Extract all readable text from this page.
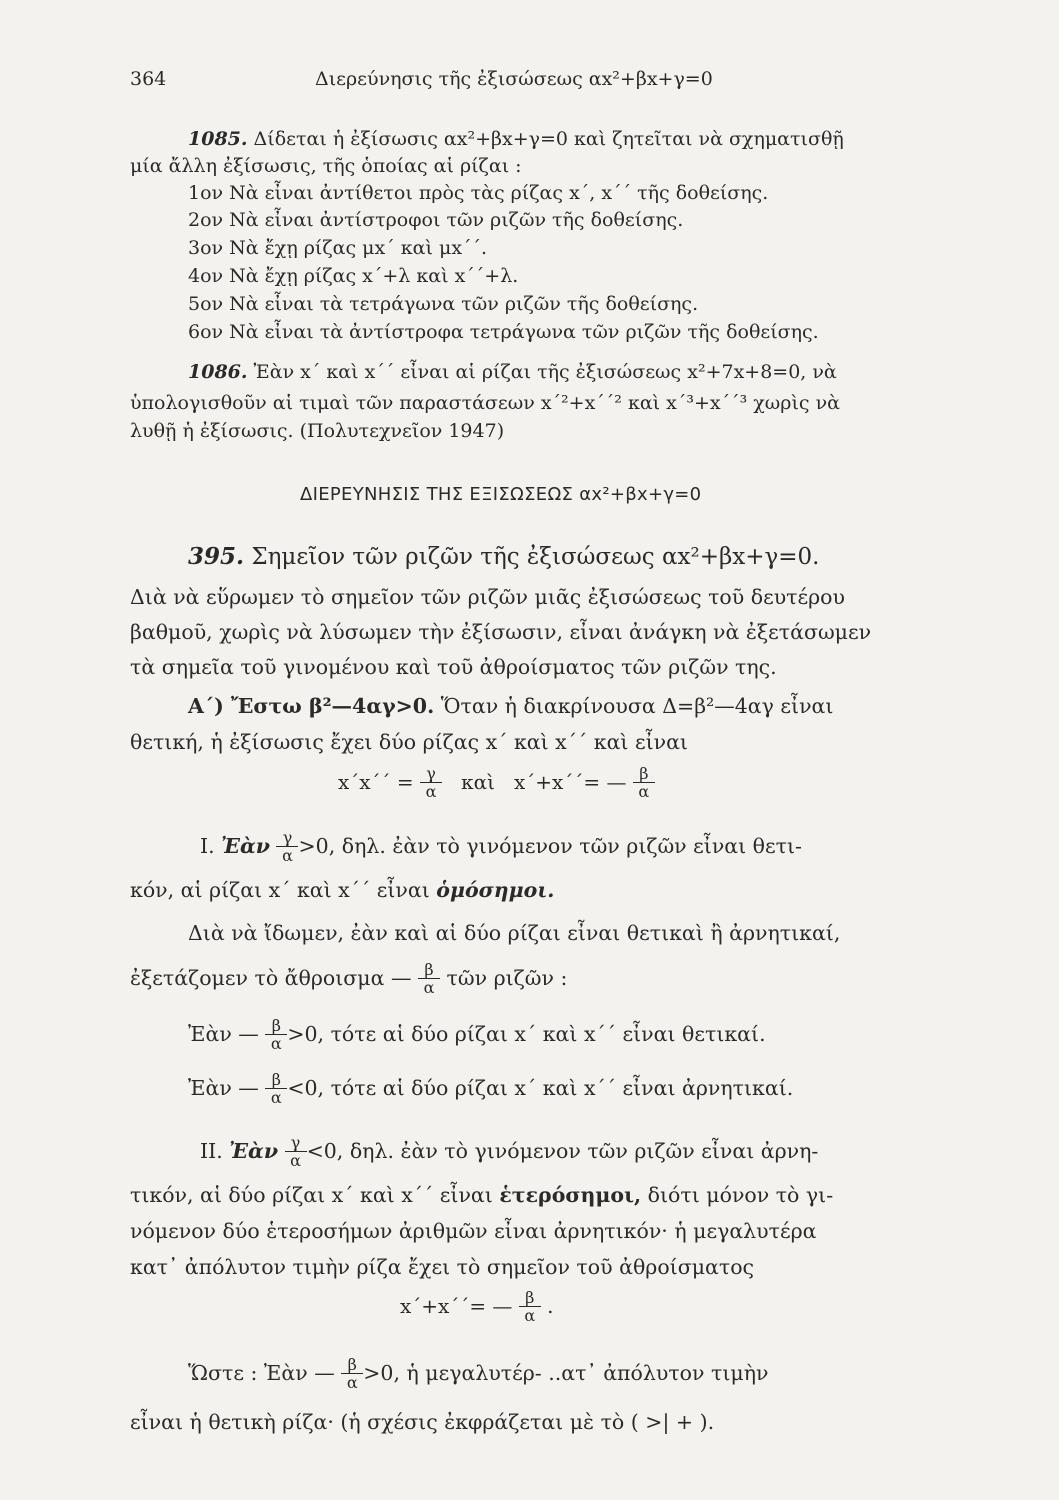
364	Διερεύνησις τῆς ἐξισώσεως αx²+βx+γ=0
1085. Δίδεται ἡ ἐξίσωσις αx²+βx+γ=0 καὶ ζητεῖται νὰ σχηματισθῇ
μία ἄλλη ἐξίσωσις, τῆς ὁποίας αἱ ρίζαι :
1ον Νὰ εἶναι ἀντίθετοι πρὸς τὰς ρίζας x΄, x΄΄ τῆς δοθείσης.
2ον Νὰ εἶναι ἀντίστροφοι τῶν ριζῶν τῆς δοθείσης.
3ον Νὰ ἔχῃ ρίζας μx΄ καὶ μx΄΄.
4ον Νὰ ἔχῃ ρίζας x΄+λ καὶ x΄΄+λ.
5ον Νὰ εἶναι τὰ τετράγωνα τῶν ριζῶν τῆς δοθείσης.
6ον Νὰ εἶναι τὰ ἀντίστροφα τετράγωνα τῶν ριζῶν τῆς δοθείσης.
1086. Ἐὰν x΄ καὶ x΄΄ εἶναι αἱ ρίζαι τῆς ἐξισώσεως x²+7x+8=0, νὰ
ὑπολογισθοῦν αἱ τιμαὶ τῶν παραστάσεων x΄²+x΄΄² καὶ x΄³+x΄΄³ χωρὶς νὰ
λυθῇ ἡ ἐξίσωσις. (Πολυτεχνεῖον 1947)
ΔΙΕΡΕΥΝΗΣΙΣ ΤΗΣ ΕΞΙΣΩΣΕΩΣ αx²+βx+γ=0
395. Σημεῖον τῶν ριζῶν τῆς ἐξισώσεως αx²+βx+γ=0.
Διὰ νὰ εὕρωμεν τὸ σημεῖον τῶν ριζῶν μιᾶς ἐξισώσεως τοῦ δευτέρου
βαθμοῦ, χωρὶς νὰ λύσωμεν τὴν ἐξίσωσιν, εἶναι ἀνάγκη νὰ ἐξετάσωμεν
τὰ σημεῖα τοῦ γινομένου καὶ τοῦ ἀθροίσματος τῶν ριζῶν της.
Α΄) Ἔστω β²—4αγ>0. Ὅταν ἡ διακρίνουσα Δ=β²—4αγ εἶναι
θετική, ἡ ἐξίσωσις ἔχει δύο ρίζας x΄ καὶ x΄΄ καὶ εἶναι
$x΄x΄΄ = \frac{\gamma}{\alpha}$ καὶ   x΄+x΄΄= — $\frac{\beta}{\alpha}$
Ι. Ἐὰν $\frac{\gamma}{\alpha} >0$, δηλ. ἐὰν τὸ γινόμενον τῶν ριζῶν εἶναι θετι-
κόν, αἱ ρίζαι x΄ καὶ x΄΄ εἶναι ὁμόσημοι.
Διὰ νὰ ἴδωμεν, ἐὰν καὶ αἱ δύο ρίζαι εἶναι θετικαὶ ἢ ἀρνητικαί,
ἐξετάζομεν τὸ ἄθροισμα — $\frac{\beta}{\alpha}$ τῶν ριζῶν :
Ἐὰν — $\frac{\beta}{\alpha} >0$, τότε αἱ δύο ρίζαι x΄ καὶ x΄΄ εἶναι θετικαί.
Ἐὰν — $\frac{\beta}{\alpha} <0$, τότε αἱ δύο ρίζαι x΄ καὶ x΄΄ εἶναι ἀρνητικαί.
ΙΙ. Ἐὰν $\frac{\gamma}{\alpha} <0$, δηλ. ἐὰν τὸ γινόμενον τῶν ριζῶν εἶναι ἀρνη-
τικόν, αἱ δύο ρίζαι x΄ καὶ x΄΄ εἶναι ἑτερόσημοι, διότι μόνον τὸ γι-
νόμενον δύο ἑτεροσήμων ἀριθμῶν εἶναι ἀρνητικόν· ἡ μεγαλυτέρα
κατ᾿ ἀπόλυτον τιμὴν ρίζα ἔχει τὸ σημεῖον τοῦ ἀθροίσματος
x΄+x΄΄= — $\frac{\beta}{\alpha}$ .
Ὥστε : Ἐὰν — $\frac{\beta}{\alpha} >0$, ἡ μεγαλυτέρ‑ ..ατ᾿ ἀπόλυτον τιμὴν
εἶναι ἡ θετικὴ ρίζα· (ἡ σχέσις ἐκφράζεται μὲ τὸ ( >| + ).
